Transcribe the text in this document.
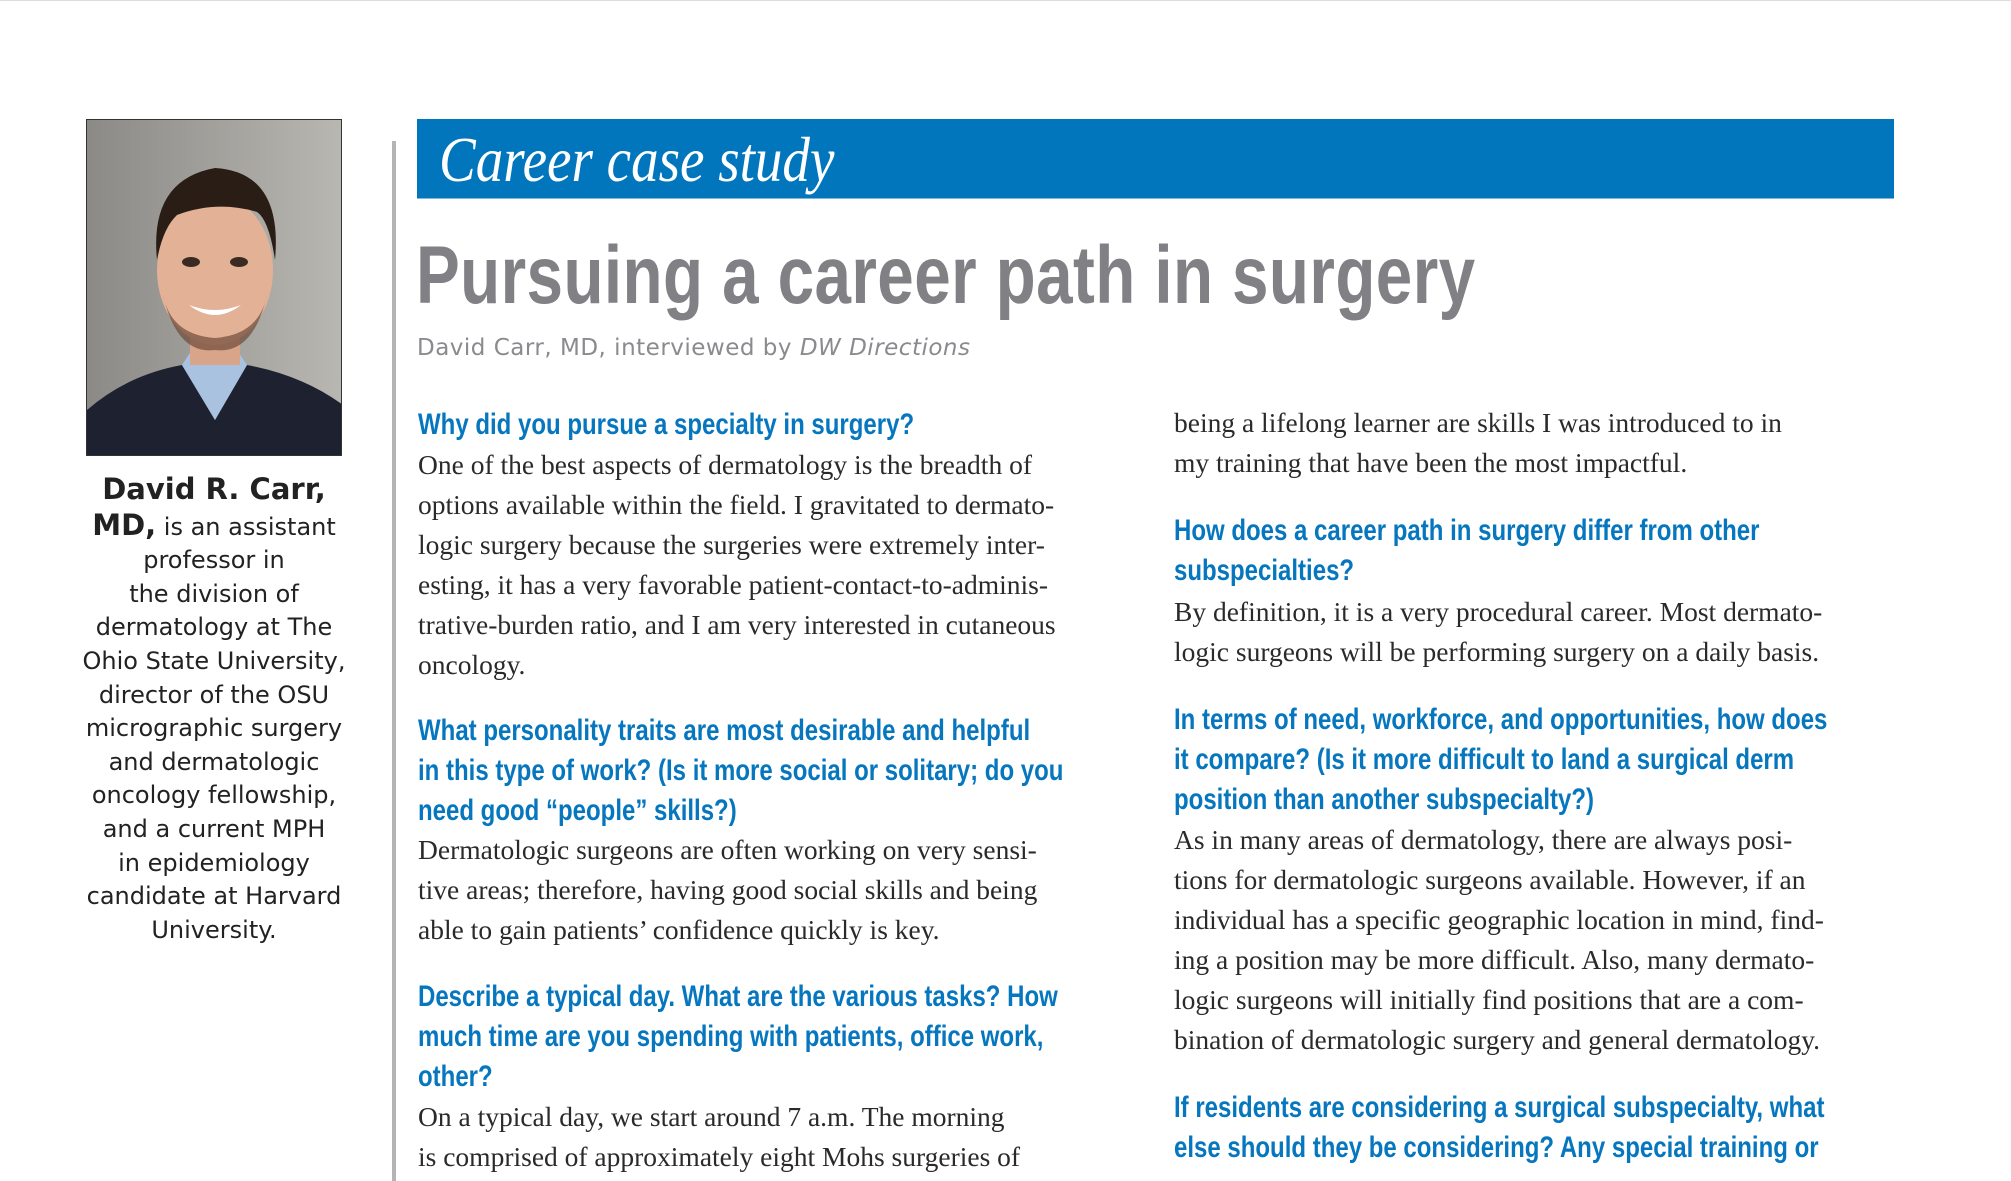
David R. Carr,
MD, is an assistant
professor in
the division of
dermatology at The
Ohio State University,
director of the OSU
micrographic surgery
and dermatologic
oncology fellowship,
and a current MPH
in epidemiology
candidate at Harvard
University.
Career case study
Pursuing a career path in surgery
David Carr, MD, interviewed by DW Directions
Why did you pursue a specialty in surgery?
One of the best aspects of dermatology is the breadth of
options available within the field. I gravitated to dermato-
logic surgery because the surgeries were extremely inter-
esting, it has a very favorable patient-contact-to-adminis-
trative-burden ratio, and I am very interested in cutaneous
oncology.
What personality traits are most desirable and helpful
in this type of work? (Is it more social or solitary; do you
need good “people” skills?)
Dermatologic surgeons are often working on very sensi-
tive areas; therefore, having good social skills and being
able to gain patients’ confidence quickly is key.
Describe a typical day. What are the various tasks? How
much time are you spending with patients, office work,
other?
On a typical day, we start around 7 a.m. The morning
is comprised of approximately eight Mohs surgeries of
being a lifelong learner are skills I was introduced to in
my training that have been the most impactful.
How does a career path in surgery differ from other
subspecialties?
By definition, it is a very procedural career. Most dermato-
logic surgeons will be performing surgery on a daily basis.
In terms of need, workforce, and opportunities, how does
it compare? (Is it more difficult to land a surgical derm
position than another subspecialty?)
As in many areas of dermatology, there are always posi-
tions for dermatologic surgeons available. However, if an
individual has a specific geographic location in mind, find-
ing a position may be more difficult. Also, many dermato-
logic surgeons will initially find positions that are a com-
bination of dermatologic surgery and general dermatology.
If residents are considering a surgical subspecialty, what
else should they be considering? Any special training or
